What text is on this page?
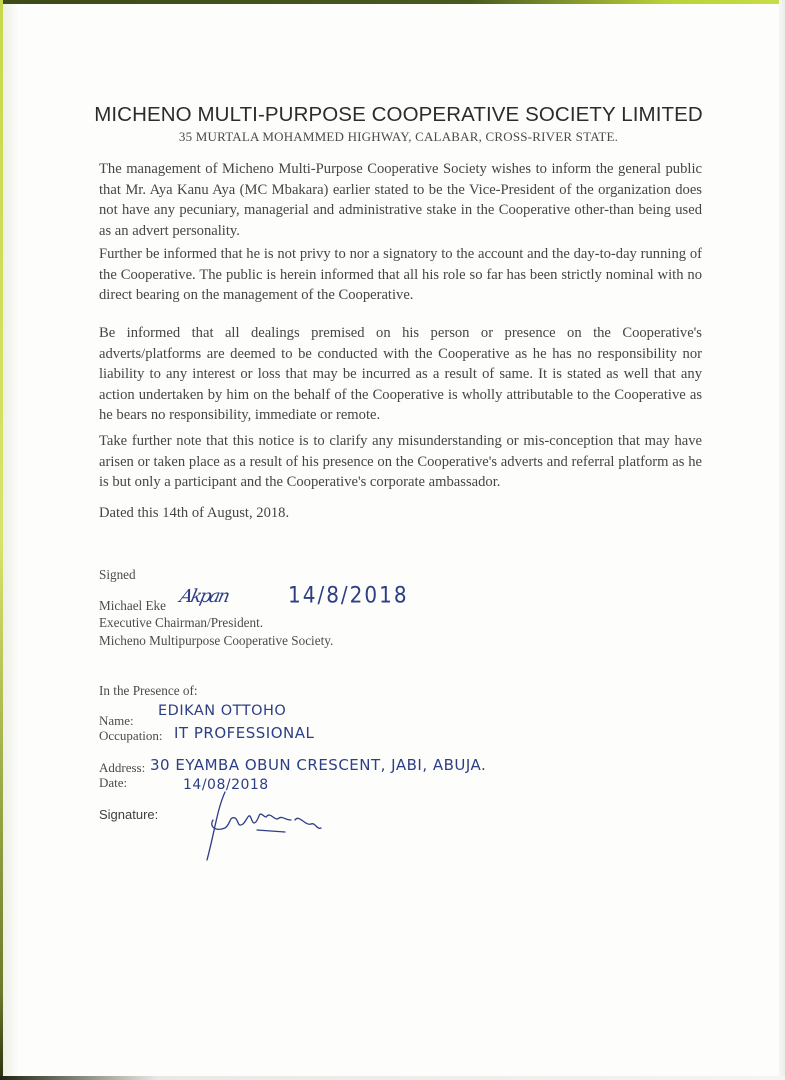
MICHENO MULTI-PURPOSE COOPERATIVE SOCIETY LIMITED
35 MURTALA MOHAMMED HIGHWAY, CALABAR, CROSS-RIVER STATE.

The management of Micheno Multi-Purpose Cooperative Society wishes to inform the general public that Mr. Aya Kanu Aya (MC Mbakara) earlier stated to be the Vice-President of the organization does not have any pecuniary, managerial and administrative stake in the Cooperative other-than being used as an advert personality.

Further be informed that he is not privy to nor a signatory to the account and the day-to-day running of the Cooperative. The public is herein informed that all his role so far has been strictly nominal with no direct bearing on the management of the Cooperative.

Be informed that all dealings premised on his person or presence on the Cooperative's adverts/platforms are deemed to be conducted with the Cooperative as he has no responsibility nor liability to any interest or loss that may be incurred as a result of same. It is stated as well that any action undertaken by him on the behalf of the Cooperative is wholly attributable to the Cooperative as he bears no responsibility, immediate or remote.

Take further note that this notice is to clarify any misunderstanding or mis-conception that may have arisen or taken place as a result of his presence on the Cooperative's adverts and referral platform as he is but only a participant and the Cooperative's corporate ambassador.

Dated this 14th of August, 2018.
Signed
Michael Eke
Executive Chairman/President.
Micheno Multipurpose Cooperative Society.
Akpan	14/8/2018
In the Presence of:
Name:
Occupation:
Address:
Date:
Signature:
EDIKAN OTTOHO
IT PROFESSIONAL
30 EYAMBA OBUN CRESCENT, JABI, ABUJA.
14/08/2018
